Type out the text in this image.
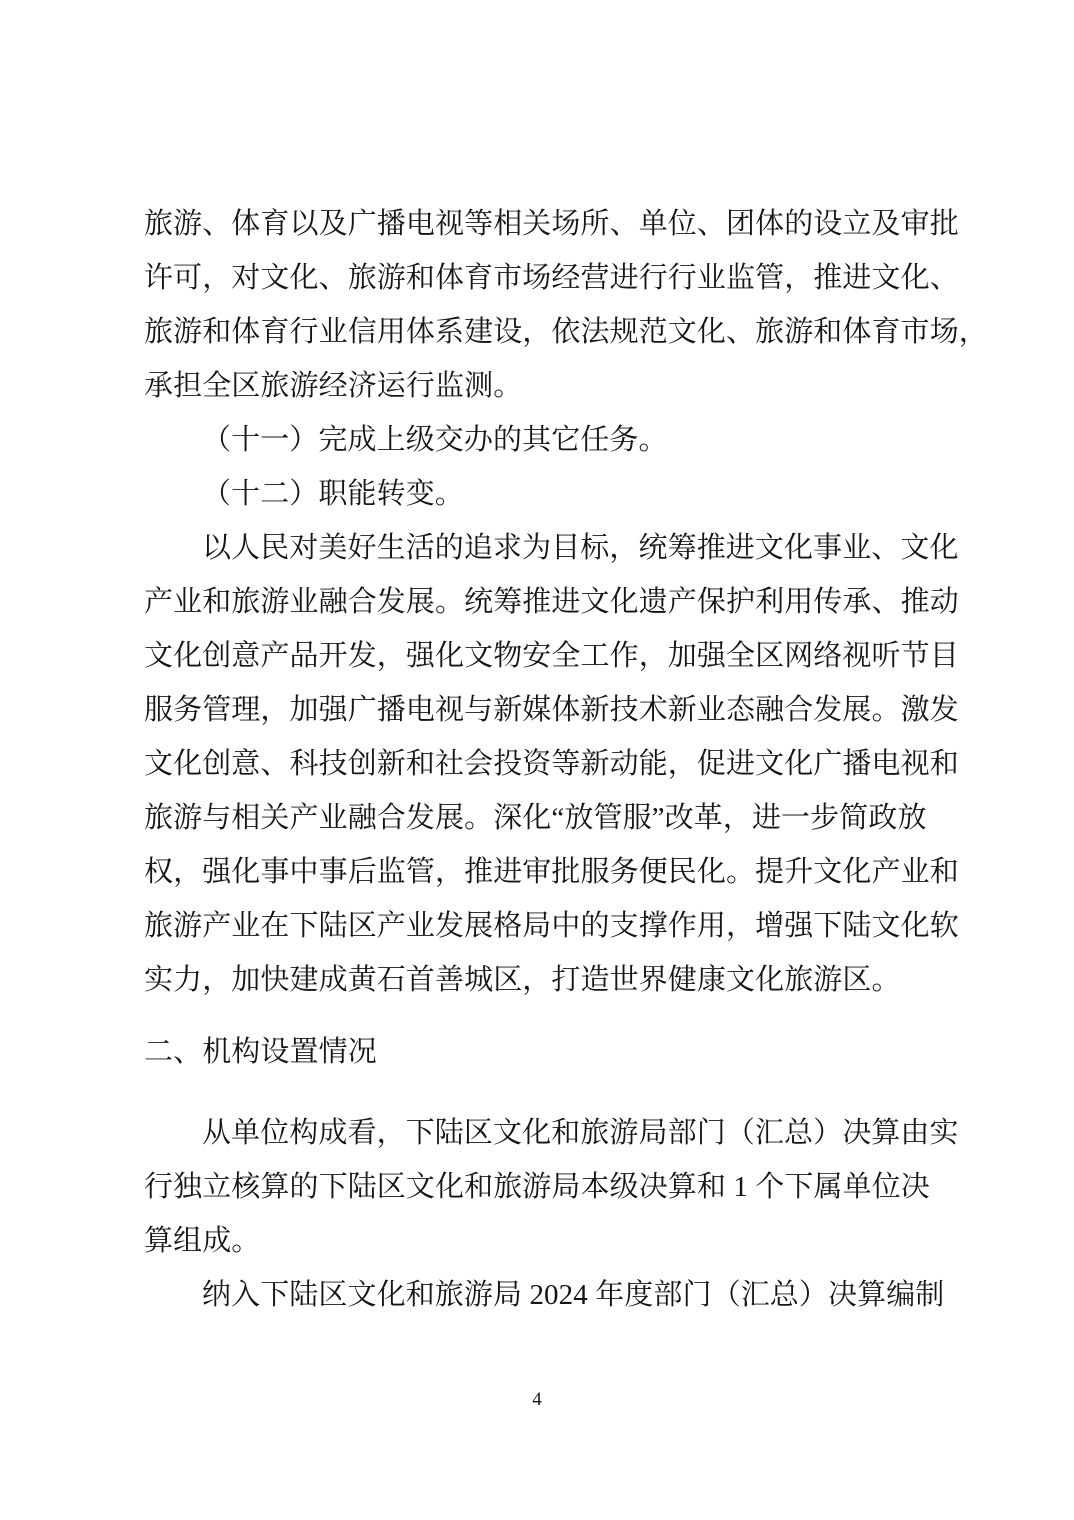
旅游、体育以及广播电视等相关场所、单位、团体的设立及审批
许可，对文化、旅游和体育市场经营进行行业监管，推进文化、
旅游和体育行业信用体系建设，依法规范文化、旅游和体育市场，
承担全区旅游经济运行监测。
（十一）完成上级交办的其它任务。
（十二）职能转变。
以人民对美好生活的追求为目标，统筹推进文化事业、文化
产业和旅游业融合发展。统筹推进文化遗产保护利用传承、推动
文化创意产品开发，强化文物安全工作，加强全区网络视听节目
服务管理，加强广播电视与新媒体新技术新业态融合发展。激发
文化创意、科技创新和社会投资等新动能，促进文化广播电视和
旅游与相关产业融合发展。深化“放管服”改革，进一步简政放
权，强化事中事后监管，推进审批服务便民化。提升文化产业和
旅游产业在下陆区产业发展格局中的支撑作用，增强下陆文化软
实力，加快建成黄石首善城区，打造世界健康文化旅游区。
二、机构设置情况
从单位构成看，下陆区文化和旅游局部门（汇总）决算由实
行独立核算的下陆区文化和旅游局本级决算和 1 个下属单位决
算组成。
纳入下陆区文化和旅游局 2024 年度部门（汇总）决算编制
4
